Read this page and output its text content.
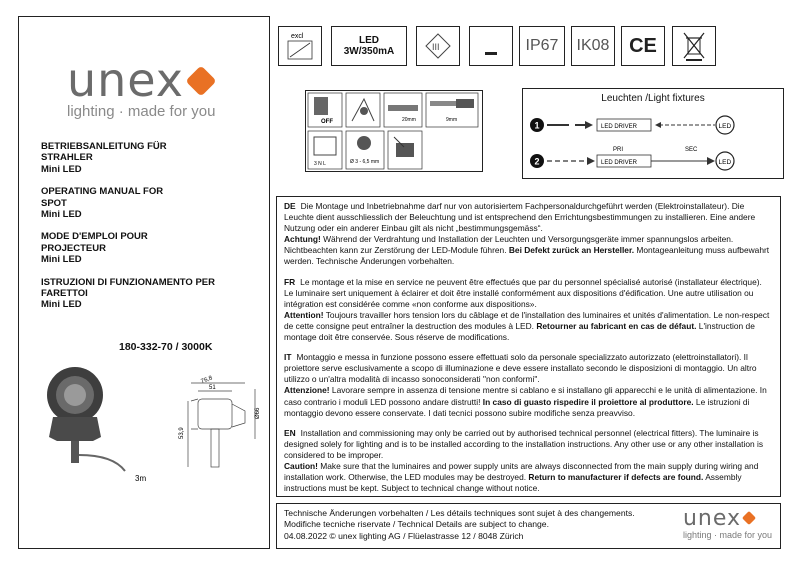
unex
lighting · made for you
BETRIEBSANLEITUNG FÜR
STRAHLER
Mini LED
OPERATING MANUAL FOR
SPOT
Mini LED
MODE D'EMPLOI POUR
PROJECTEUR
Mini LED
ISTRUZIONI DI FUNZIONAMENTO PER
FARETTOI
Mini LED
180-332-70 / 3000K
3m
76,8
51
Ø66
53,9
excl	LED
3W/350mA	III	IP67 IK08 CE
OFF	20mm	9mm
3 N L	Ø 3 - 6,5 mm
Leuchten /Light fixtures
1	LED DRIVER	LED
2
PRI	SEC
LED DRIVER	LED
DE Die Montage und Inbetriebnahme darf nur von autorisiertem Fachpersonaldurchgeführt werden (Elektroinstallateur). Die Leuchte dient ausschliesslich der Beleuchtung und ist entsprechend den Errichtungsbestimmungen zu installieren. Eine andere Nutzung oder ein anderer Einbau gilt als nicht „bestimmungsgemäss“.
Achtung! Während der Verdrahtung und Installation der Leuchten und Versorgungsgeräte immer spannungslos arbeiten. Nichtbeachten kann zur Zerstörung der LED-Module führen. Bei Defekt zurück an Hersteller. Montageanleitung muss aufbewahrt werden. Technische Änderungen vorbehalten.
FR Le montage et la mise en service ne peuvent être effectués que par du personnel spécialisé autorisé (installateur électrique). Le luminaire sert uniquement à éclairer et doit être installé conformément aux dispositions d'édification. Une autre utilisation ou intégration est considérée comme «non conforme aux dispositions».
Attention! Toujours travailler hors tension lors du câblage et de l'installation des luminaires et unités d'alimentation. Le non-respect de cette consigne peut entraîner la destruction des modules à LED. Retourner au fabricant en cas de défaut. L'instruction de montage doit être conservée. Sous réserve de modifications.
IT Montaggio e messa in funzione possono essere effettuati solo da personale specializzato autorizzato (elettroinstallatori). Il proiettore serve esclusivamente a scopo di illuminazione e deve essere installato secondo le disposizioni di montaggio. Un altro utilizzo o un'altra modalità di incasso sonoconsiderati "non conformi".
Attenzione! Lavorare sempre in assenza di tensione mentre si cablano e si installano gli apparecchi e le unità di alimentazione. In caso contrario i moduli LED possono andare distrutti! In caso di guasto rispedire il proiettore al produttore. Le istruzioni di montaggio devono essere conservate. I dati tecnici possono subire modifiche senza preavviso.
EN Installation and commissioning may only be carried out by authorised technical personnel (electrical fitters). The luminaire is designed solely for lighting and is to be installed according to the installation instructions. Any other use or any other installation is considered to be improper.
Caution! Make sure that the luminaires and power supply units are always disconnected from the main supply during wiring and installation work. Otherwise, the LED modules may be destroyed. Return to manufacturer if defects are found. Assembly instructions must be kept. Subject to technical change without notice.
Technische Änderungen vorbehalten / Les détails techniques sont sujet à des changements.
Modifiche tecniche riservate / Technical Details are subject to change.
04.08.2022 © unex lighting AG / Flüelastrasse 12 / 8048 Zürich
unex
lighting · made for you
